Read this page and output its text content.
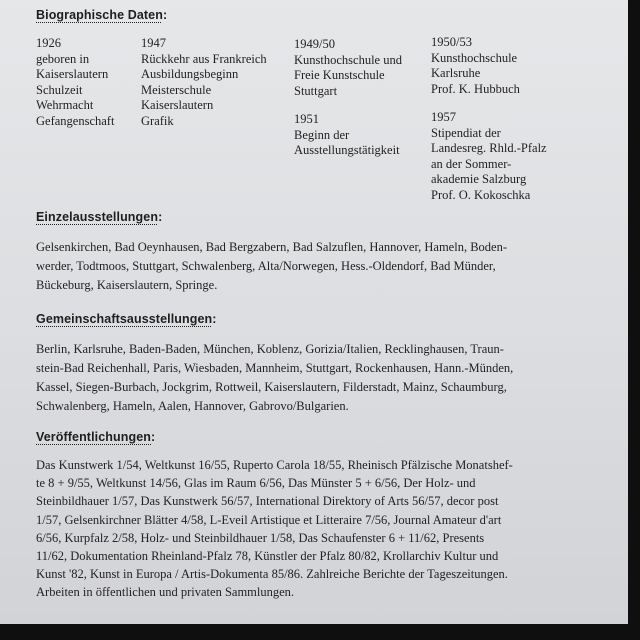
Biographische Daten:
1926
geboren in
Kaiserslautern
Schulzeit
Wehrmacht
Gefangenschaft
1947
Rückkehr aus Frankreich
Ausbildungsbeginn
Meisterschule
Kaiserslautern
Grafik
1949/50
Kunsthochschule und
Freie Kunstschule
Stuttgart
1951
Beginn der
Ausstellungstätigkeit
1950/53
Kunsthochschule
Karlsruhe
Prof. K. Hubbuch
1957
Stipendiat der
Landesreg. Rhld.-Pfalz
an der Sommer-
akademie Salzburg
Prof. O. Kokoschka
Einzelausstellungen:
Gelsenkirchen, Bad Oeynhausen, Bad Bergzabern, Bad Salzuflen, Hannover, Hameln, Boden-
werder, Todtmoos, Stuttgart, Schwalenberg, Alta/Norwegen, Hess.-Oldendorf, Bad Münder,
Bückeburg, Kaiserslautern, Springe.
Gemeinschaftsausstellungen:
Berlin, Karlsruhe, Baden-Baden, München, Koblenz, Gorizia/Italien, Recklinghausen, Traun-
stein-Bad Reichenhall, Paris, Wiesbaden, Mannheim, Stuttgart, Rockenhausen, Hann.-Münden,
Kassel, Siegen-Burbach, Jockgrim, Rottweil, Kaiserslautern, Filderstadt, Mainz, Schaumburg,
Schwalenberg, Hameln, Aalen, Hannover, Gabrovo/Bulgarien.
Veröffentlichungen:
Das Kunstwerk 1/54, Weltkunst 16/55, Ruperto Carola 18/55, Rheinisch Pfälzische Monatshef-
te 8 + 9/55, Weltkunst 14/56, Glas im Raum 6/56, Das Münster 5 + 6/56, Der Holz- und
Steinbildhauer 1/57, Das Kunstwerk 56/57, International Direktory of Arts 56/57, decor post
1/57, Gelsenkirchner Blätter 4/58, L-Eveil Artistique et Litteraire 7/56, Journal Amateur d'art
6/56, Kurpfalz 2/58, Holz- und Steinbildhauer 1/58, Das Schaufenster 6 + 11/62, Presents
11/62, Dokumentation Rheinland-Pfalz 78, Künstler der Pfalz 80/82, Krollarchiv Kultur und
Kunst '82, Kunst in Europa / Artis-Dokumenta 85/86. Zahlreiche Berichte der Tageszeitungen.
Arbeiten in öffentlichen und privaten Sammlungen.
